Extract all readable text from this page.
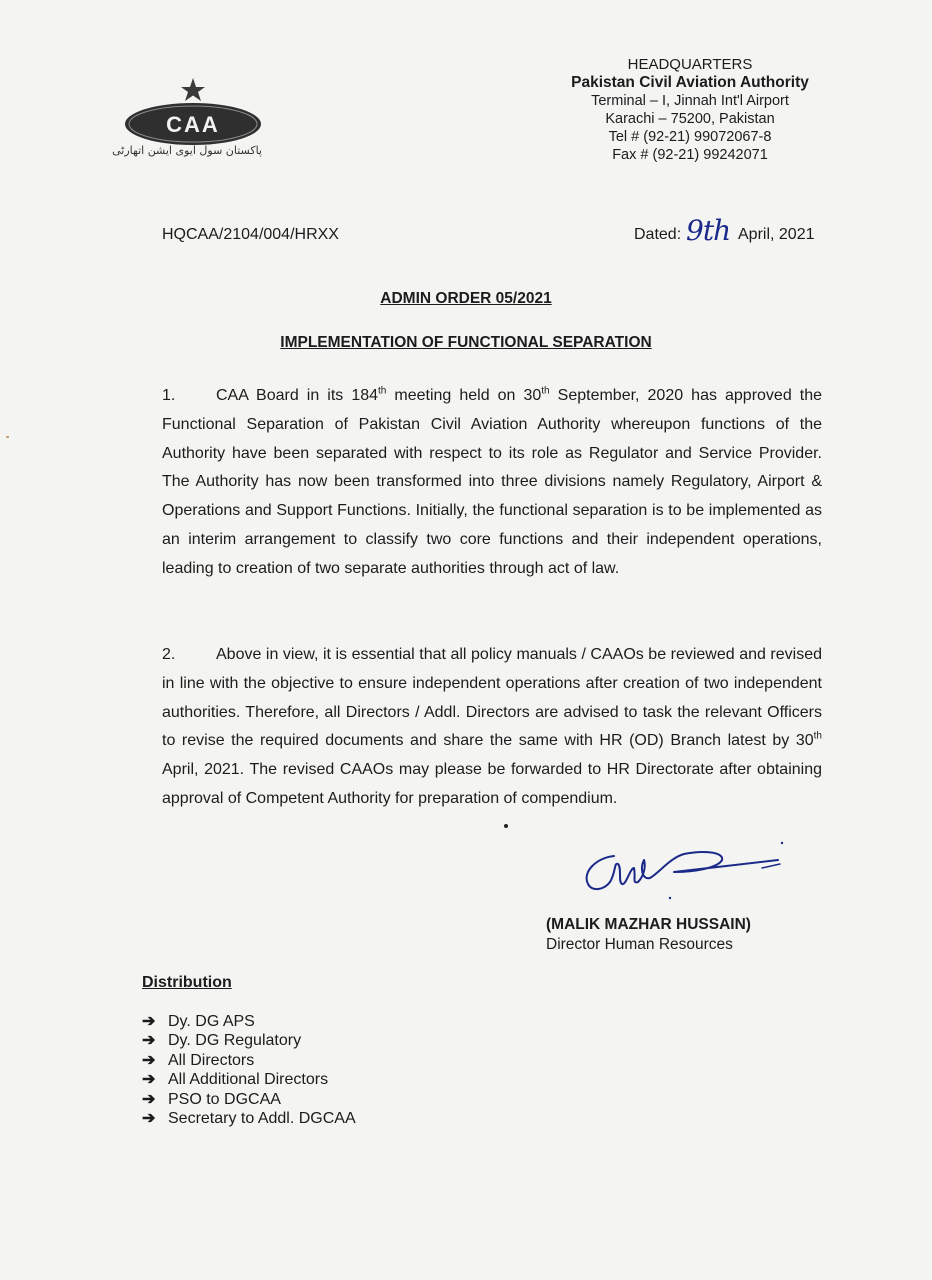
CAA
پاکستان سول ایوی ایشن اتھارٹی
HEADQUARTERS
Pakistan Civil Aviation Authority
Terminal – I, Jinnah Int'l Airport
Karachi – 75200, Pakistan
Tel # (92-21) 99072067-8
Fax # (92-21) 99242071
HQCAA/2104/004/HRXX	Dated: 9th April, 2021
ADMIN ORDER 05/2021
IMPLEMENTATION OF FUNCTIONAL SEPARATION
1.	CAA Board in its 184th meeting held on 30th September, 2020 has approved the Functional Separation of Pakistan Civil Aviation Authority whereupon functions of the Authority have been separated with respect to its role as Regulator and Service Provider. The Authority has now been transformed into three divisions namely Regulatory, Airport & Operations and Support Functions. Initially, the functional separation is to be implemented as an interim arrangement to classify two core functions and their independent operations, leading to creation of two separate authorities through act of law.
2.	Above in view, it is essential that all policy manuals / CAAOs be reviewed and revised in line with the objective to ensure independent operations after creation of two independent authorities. Therefore, all Directors / Addl. Directors are advised to task the relevant Officers to revise the required documents and share the same with HR (OD) Branch latest by 30th April, 2021. The revised CAAOs may please be forwarded to HR Directorate after obtaining approval of Competent Authority for preparation of compendium.
(MALIK MAZHAR HUSSAIN)
Director Human Resources
Distribution
➔ Dy. DG APS
➔ Dy. DG Regulatory
➔ All Directors
➔ All Additional Directors
➔ PSO to DGCAA
➔ Secretary to Addl. DGCAA
